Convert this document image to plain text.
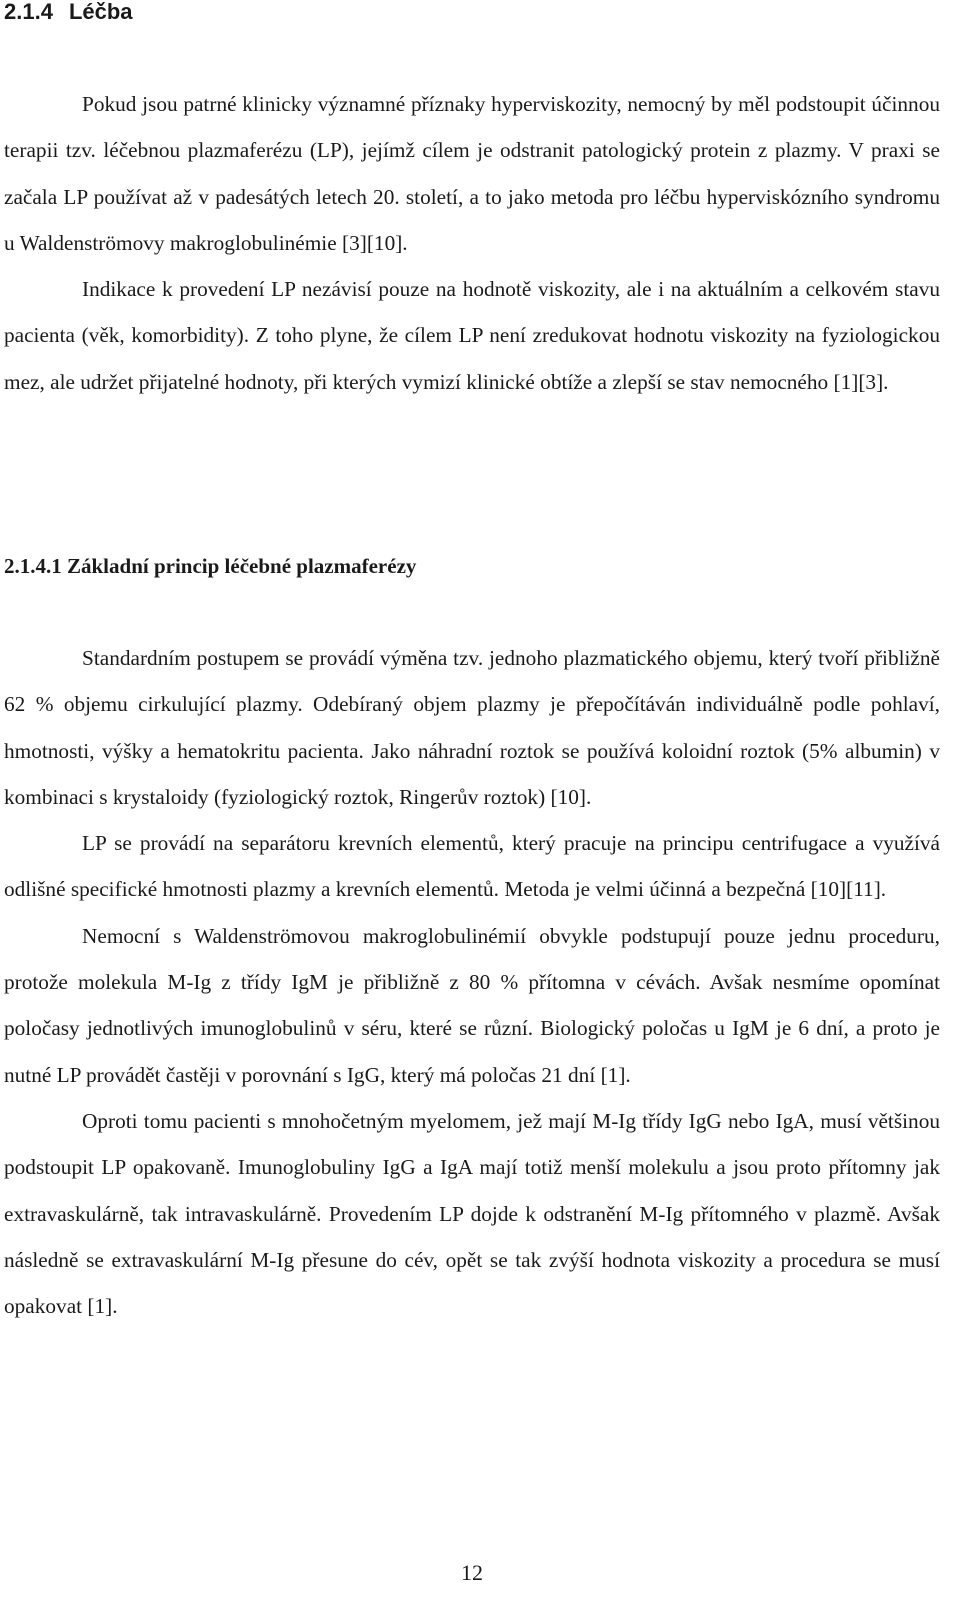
2.1.4 Léčba

Pokud jsou patrné klinicky významné příznaky hyperviskozity, nemocný by měl podstoupit účinnou terapii tzv. léčebnou plazmaferézu (LP), jejímž cílem je odstranit patologický protein z plazmy. V praxi se začala LP používat až v padesátých letech 20. století, a to jako metoda pro léčbu hyperviskózního syndromu u Waldenströmovy makroglobulinémie [3][10].

Indikace k provedení LP nezávisí pouze na hodnotě viskozity, ale i na aktuálním a celkovém stavu pacienta (věk, komorbidity). Z toho plyne, že cílem LP není zredukovat hodnotu viskozity na fyziologickou mez, ale udržet přijatelné hodnoty, při kterých vymizí klinické obtíže a zlepší se stav nemocného [1][3].

2.1.4.1 Základní princip léčebné plazmaferézy

Standardním postupem se provádí výměna tzv. jednoho plazmatického objemu, který tvoří přibližně 62 % objemu cirkulující plazmy. Odebíraný objem plazmy je přepočítáván individuálně podle pohlaví, hmotnosti, výšky a hematokritu pacienta. Jako náhradní roztok se používá koloidní roztok (5% albumin) v kombinaci s krystaloidy (fyziologický roztok, Ringerův roztok) [10].

LP se provádí na separátoru krevních elementů, který pracuje na principu centrifugace a využívá odlišné specifické hmotnosti plazmy a krevních elementů. Metoda je velmi účinná a bezpečná [10][11].

Nemocní s Waldenströmovou makroglobulinémií obvykle podstupují pouze jednu proceduru, protože molekula M-Ig z třídy IgM je přibližně z 80 % přítomna v cévách. Avšak nesmíme opomínat poločasy jednotlivých imunoglobulinů v séru, které se různí. Biologický poločas u IgM je 6 dní, a proto je nutné LP provádět častěji v porovnání s IgG, který má poločas 21 dní [1].

Oproti tomu pacienti s mnohočetným myelomem, jež mají M-Ig třídy IgG nebo IgA, musí většinou podstoupit LP opakovaně. Imunoglobuliny IgG a IgA mají totiž menší molekulu a jsou proto přítomny jak extravaskulárně, tak intravaskulárně. Provedením LP dojde k odstranění M-Ig přítomného v plazmě. Avšak následně se extravaskulární M-Ig přesune do cév, opět se tak zvýší hodnota viskozity a procedura se musí opakovat [1].

12
